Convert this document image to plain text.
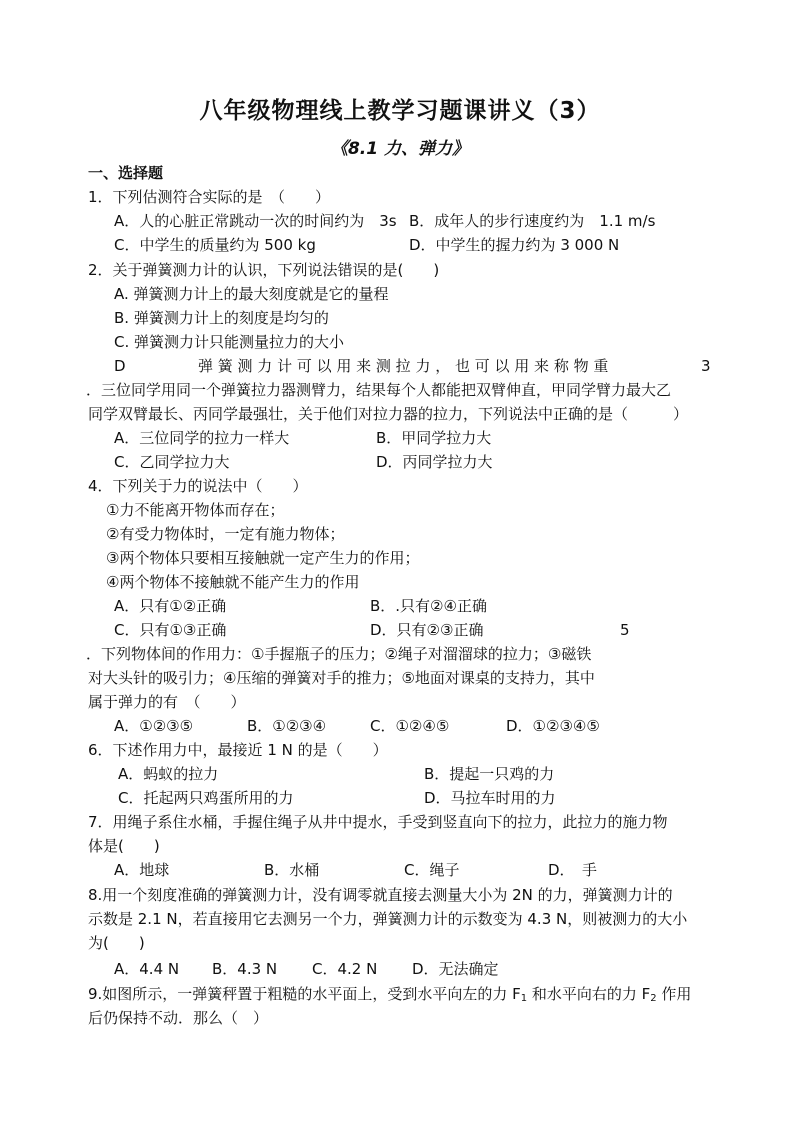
八年级物理线上教学习题课讲义（3）
《8.1 力、弹力》
一、选择题
1．下列估测符合实际的是　（　　）
A．人的心脏正常跳动一次的时间约为　3s B．成年人的步行速度约为　1.1 m/s
C．中学生的质量约为 500 kg	D．中学生的握力约为 3 000 N
2．关于弹簧测力计的认识，下列说法错误的是(　　)
A. 弹簧测力计上的最大刻度就是它的量程
B. 弹簧测力计上的刻度是均匀的
C. 弹簧测力计只能测量拉力的大小
D	弹 簧 测 力 计 可 以 用 来 测 拉 力 ， 也 可 以 用 来 称 物 重	3
．三位同学用同一个弹簧拉力器测臂力，结果每个人都能把双臂伸直，甲同学臂力最大乙
同学双臂最长、丙同学最强壮，关于他们对拉力器的拉力，下列说法中正确的是（　　　）
A．三位同学的拉力一样大	B．甲同学拉力大
C．乙同学拉力大	D．丙同学拉力大
4．下列关于力的说法中（　　）
①力不能离开物体而存在；
②有受力物体时，一定有施力物体；
③两个物体只要相互接触就一定产生力的作用；
④两个物体不接触就不能产生力的作用
A．只有①②正确	B．.只有②④正确
C．只有①③正确	D．只有②③正确	5
．下列物体间的作用力：①手握瓶子的压力；②绳子对溜溜球的拉力；③磁铁
对大头针的吸引力；④压缩的弹簧对手的推力；⑤地面对课桌的支持力，其中
属于弹力的有　（　　）
A．①②③⑤	B．①②③④	C．①②④⑤	D．①②③④⑤
6．下述作用力中，最接近 1 N 的是（　　）
A．蚂蚁的拉力	B．提起一只鸡的力
C．托起两只鸡蛋所用的力	D．马拉车时用的力
7．用绳子系住水桶，手握住绳子从井中提水，手受到竖直向下的拉力，此拉力的施力物
体是(　　)
A．地球	B．水桶	C．绳子	D．　手
8.用一个刻度准确的弹簧测力计，没有调零就直接去测量大小为 2N 的力，弹簧测力计的
示数是 2.1 N，若直接用它去测另一个力，弹簧测力计的示数变为 4.3 N，则被测力的大小
为(　　)
A．4.4 N B．4.3 N C．4.2 N D．无法确定
9.如图所示，一弹簧秤置于粗糙的水平面上，受到水平向左的力 $F_1$ 和水平向右的力 $F_2$ 作用
后仍保持不动．那么（　）
